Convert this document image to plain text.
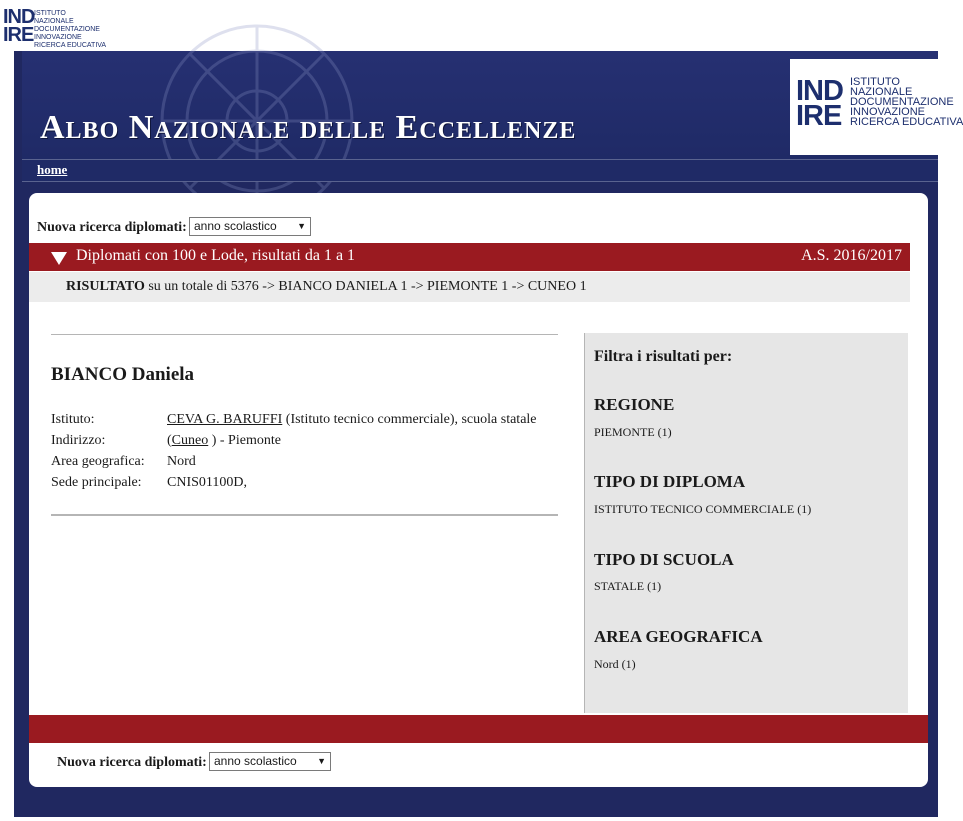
IND
IRE
ISTITUTO
NAZIONALE
DOCUMENTAZIONE
INNOVAZIONE
RICERCA EDUCATIVA
Albo Nazionale delle Eccellenze
IND
IRE
ISTITUTO
NAZIONALE
DOCUMENTAZIONE
INNOVAZIONE
RICERCA EDUCATIVA
home
Nuova ricerca diplomati: anno scolastico ▼
Diplomati con 100 e Lode, risultati da 1 a 1	A.S. 2016/2017
RISULTATO su un totale di 5376 -> BIANCO DANIELA 1 -> PIEMONTE 1 -> CUNEO 1
BIANCO Daniela
Istituto:	CEVA G. BARUFFI (Istituto tecnico commerciale), scuola statale
Indirizzo:	(Cuneo ) - Piemonte
Area geografica: Nord
Sede principale: CNIS01100D,
Filtra i risultati per:
REGIONE
PIEMONTE (1)
TIPO DI DIPLOMA
ISTITUTO TECNICO COMMERCIALE (1)
TIPO DI SCUOLA
STATALE (1)
AREA GEOGRAFICA
Nord (1)
Nuova ricerca diplomati: anno scolastico ▼
